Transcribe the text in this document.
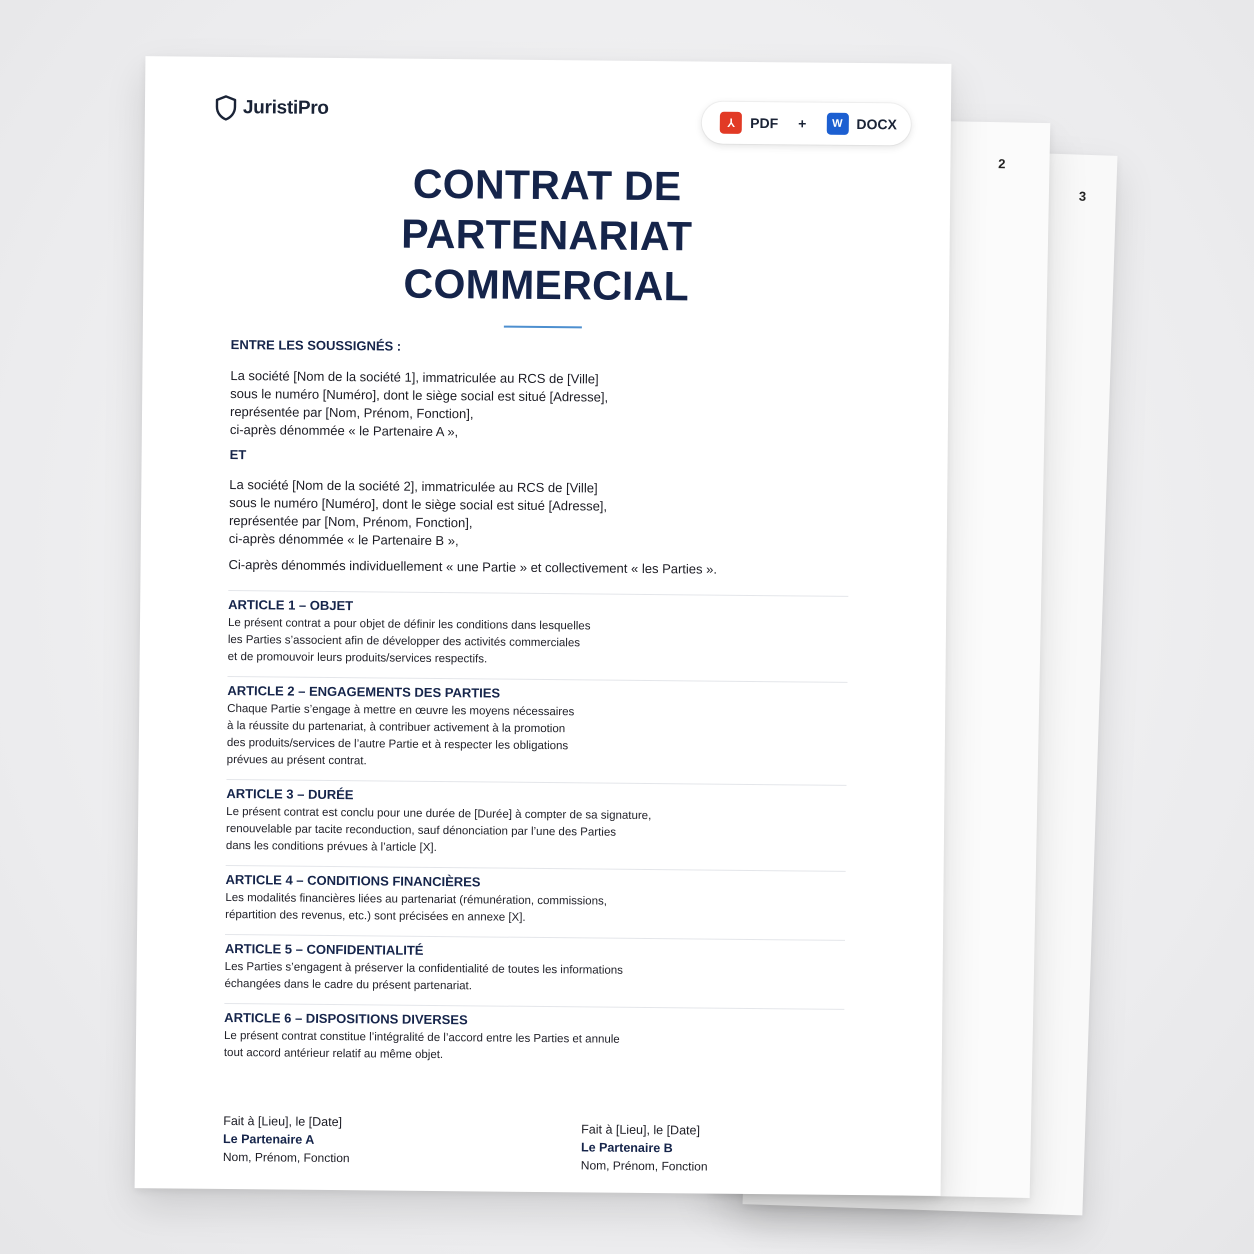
3
2
JuristiPro
⅄	PDF +	W DOCX
CONTRAT DE
PARTENARIAT
COMMERCIAL
ENTRE LES SOUSSIGNÉS :
La société [Nom de la société 1], immatriculée au RCS de [Ville]
sous le numéro [Numéro], dont le siège social est situé [Adresse],
représentée par [Nom, Prénom, Fonction],
ci-après dénommée « le Partenaire A »,
ET
La société [Nom de la société 2], immatriculée au RCS de [Ville]
sous le numéro [Numéro], dont le siège social est situé [Adresse],
représentée par [Nom, Prénom, Fonction],
ci-après dénommée « le Partenaire B »,
Ci-après dénommés individuellement « une Partie » et collectivement « les Parties ».
ARTICLE 1 – OBJET
Le présent contrat a pour objet de définir les conditions dans lesquelles
les Parties s’associent afin de développer des activités commerciales
et de promouvoir leurs produits/services respectifs.
ARTICLE 2 – ENGAGEMENTS DES PARTIES
Chaque Partie s’engage à mettre en œuvre les moyens nécessaires
à la réussite du partenariat, à contribuer activement à la promotion
des produits/services de l’autre Partie et à respecter les obligations
prévues au présent contrat.
ARTICLE 3 – DURÉE
Le présent contrat est conclu pour une durée de [Durée] à compter de sa signature,
renouvelable par tacite reconduction, sauf dénonciation par l’une des Parties
dans les conditions prévues à l’article [X].
ARTICLE 4 – CONDITIONS FINANCIÈRES
Les modalités financières liées au partenariat (rémunération, commissions,
répartition des revenus, etc.) sont précisées en annexe [X].
ARTICLE 5 – CONFIDENTIALITÉ
Les Parties s’engagent à préserver la confidentialité de toutes les informations
échangées dans le cadre du présent partenariat.
ARTICLE 6 – DISPOSITIONS DIVERSES
Le présent contrat constitue l’intégralité de l’accord entre les Parties et annule
tout accord antérieur relatif au même objet.
Fait à [Lieu], le [Date]
Le Partenaire A
Nom, Prénom, Fonction
Fait à [Lieu], le [Date]
Le Partenaire B
Nom, Prénom, Fonction
